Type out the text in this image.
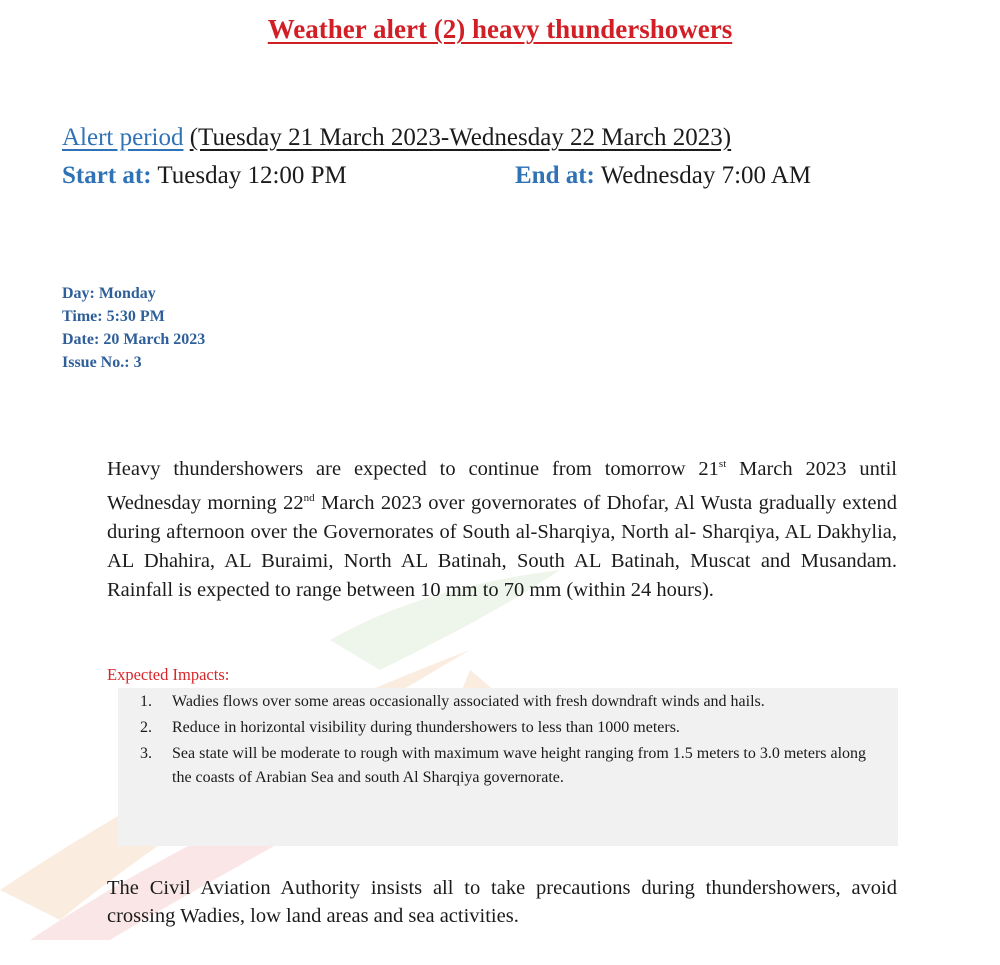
Weather alert (2) heavy thundershowers
Alert period (Tuesday 21 March 2023-Wednesday 22 March 2023)
Start at: Tuesday 12:00 PM	End at: Wednesday 7:00 AM
Day: Monday
Time: 5:30 PM
Date: 20 March 2023
Issue No.: 3

Heavy thundershowers are expected to continue from tomorrow 21st March 2023 until Wednesday morning 22nd March 2023 over governorates of Dhofar, Al Wusta gradually extend during afternoon over the Governorates of South al-Sharqiya, North al- Sharqiya, AL Dakhylia, AL Dhahira, AL Buraimi, North AL Batinah, South AL Batinah, Muscat and Musandam. Rainfall is expected to range between 10 mm to 70 mm (within 24 hours).

Expected Impacts:
1. Wadies flows over some areas occasionally associated with fresh downdraft winds and hails.
2. Reduce in horizontal visibility during thundershowers to less than 1000 meters.
3. Sea state will be moderate to rough with maximum wave height ranging from 1.5 meters to 3.0 meters along the coasts of Arabian Sea and south Al Sharqiya governorate.

The Civil Aviation Authority insists all to take precautions during thundershowers, avoid crossing Wadies, low land areas and sea activities.
